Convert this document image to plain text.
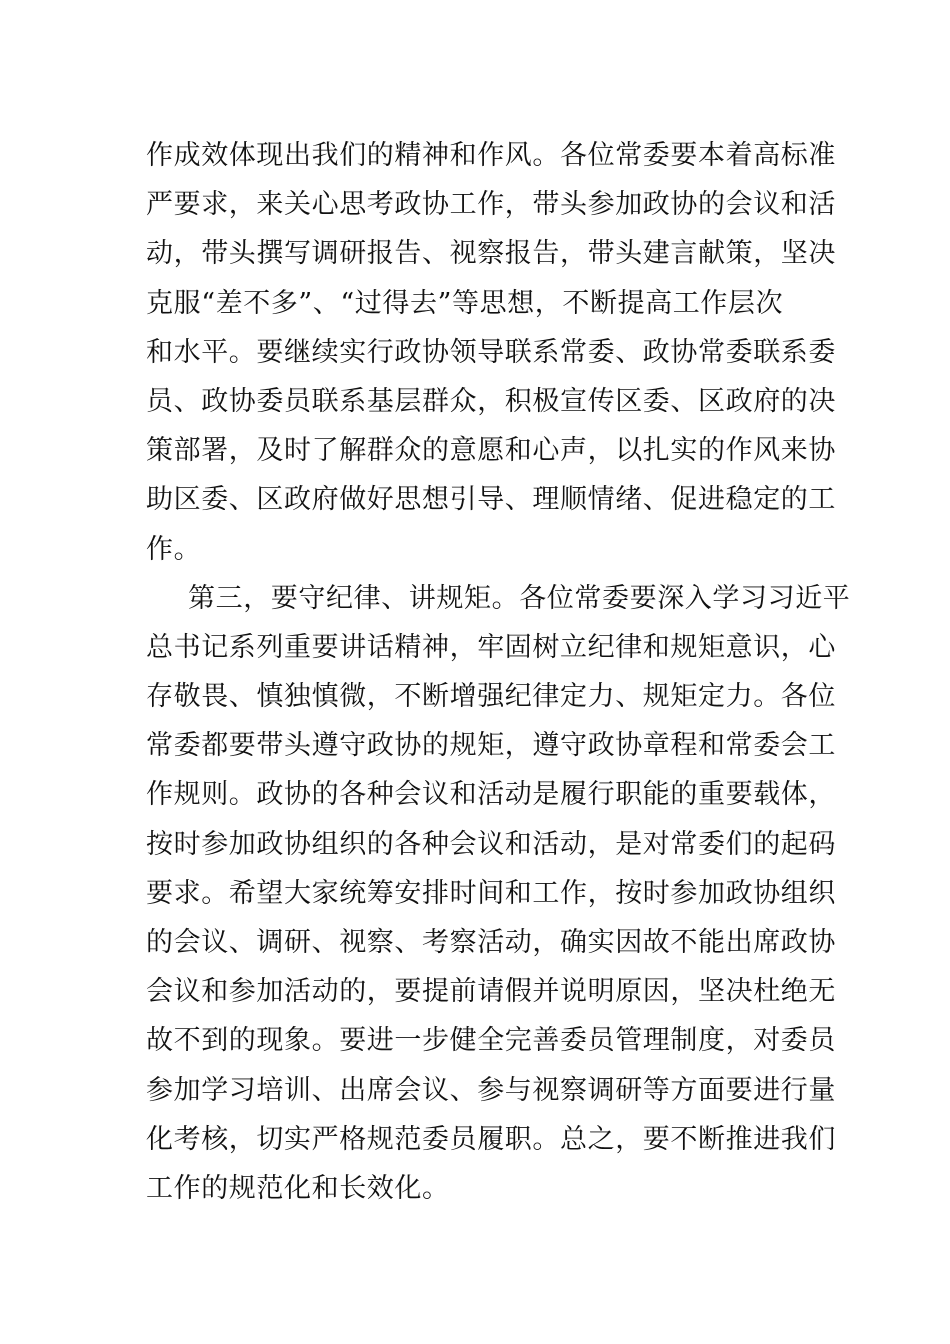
作成效体现出我们的精神和作风。各位常委要本着高标准
严要求，来关心思考政协工作，带头参加政协的会议和活
动，带头撰写调研报告、视察报告，带头建言献策，坚决
克服“差不多”、“过得去”等思想，不断提高工作层次
和水平。要继续实行政协领导联系常委、政协常委联系委
员、政协委员联系基层群众，积极宣传区委、区政府的决
策部署，及时了解群众的意愿和心声，以扎实的作风来协
助区委、区政府做好思想引导、理顺情绪、促进稳定的工
作。
第三，要守纪律、讲规矩。各位常委要深入学习习近平
总书记系列重要讲话精神，牢固树立纪律和规矩意识，心
存敬畏、慎独慎微，不断增强纪律定力、规矩定力。各位
常委都要带头遵守政协的规矩，遵守政协章程和常委会工
作规则。政协的各种会议和活动是履行职能的重要载体，
按时参加政协组织的各种会议和活动，是对常委们的起码
要求。希望大家统筹安排时间和工作，按时参加政协组织
的会议、调研、视察、考察活动，确实因故不能出席政协
会议和参加活动的，要提前请假并说明原因，坚决杜绝无
故不到的现象。要进一步健全完善委员管理制度，对委员
参加学习培训、出席会议、参与视察调研等方面要进行量
化考核，切实严格规范委员履职。总之，要不断推进我们
工作的规范化和长效化。
